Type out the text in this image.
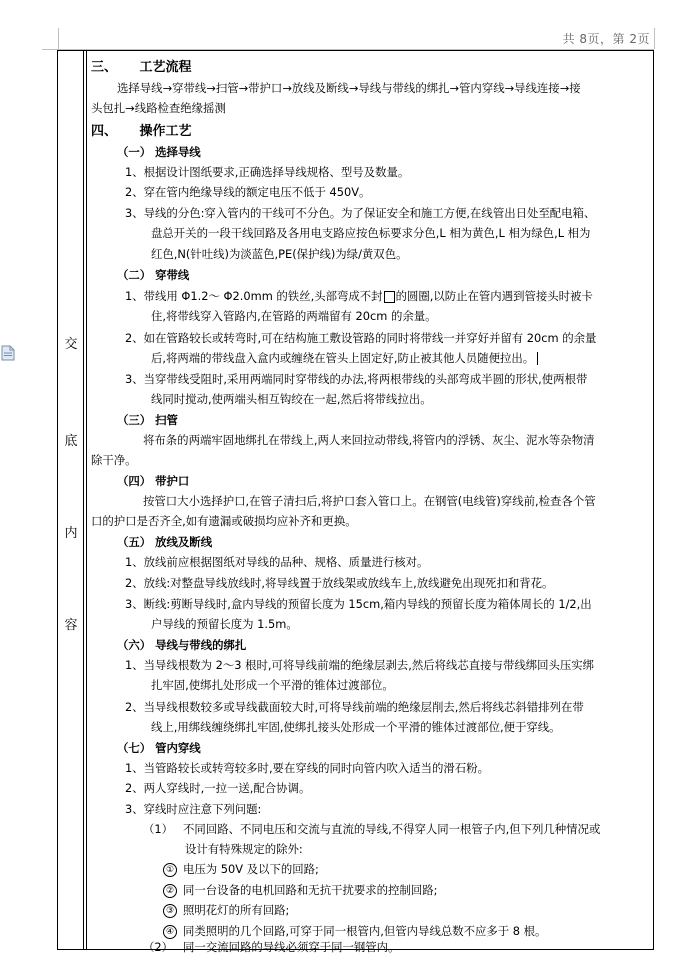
共 8页，第 2页
交
底
内
容
三、 工艺流程
选择导线→穿带线→扫管→带护口→放线及断线→导线与带线的绑扎→管内穿线→导线连接→接
头包扎→线路检查绝缘摇测
四、 操作工艺
（一） 选择导线
1、根据设计图纸要求,正确选择导线规格、型号及数量。
2、穿在管内绝缘导线的额定电压不低于 450V。
3、导线的分色:穿入管内的干线可不分色。为了保证安全和施工方便,在线管出日处至配电箱、
盘总开关的一段干线回路及各用电支路应按色标要求分色,L 相为黄色,L 相为绿色,L 相为
红色,N(针吐线)为淡蓝色,PE(保护线)为绿/黄双色。
（二） 穿带线
1、带线用 Φ1.2～ Φ2.0mm 的铁丝,头部弯成不封 的圆圈,以防止在管内遇到管接头时被卡
住,将带线穿入管路内,在管路的两端留有 20cm 的余量。
2、如在管路较长或转弯时,可在结构施工敷设管路的同时将带线一并穿好并留有 20cm 的余量
后,将两端的带线盘入盒内或缠绕在管头上固定好,防止被其他人员随便拉出。
3、当穿带线受阻时,采用两端同时穿带线的办法,将两根带线的头部弯成半圆的形状,使两根带
线同时搅动,使两端头相互钩绞在一起,然后将带线拉出。
（三） 扫管
将布条的两端牢固地绑扎在带线上,两人来回拉动带线,将管内的浮锈、灰尘、泥水等杂物清
除干净。
（四） 带护口
按管口大小选择护口,在管子清扫后,将护口套入管口上。在钢管(电线管)穿线前,检查各个管
口的护口是否齐全,如有遗漏或破损均应补齐和更换。
（五） 放线及断线
1、放线前应根据图纸对导线的品种、规格、质量进行核对。
2、放线:对整盘导线放线时,将导线置于放线架或放线车上,放线避免出现死扣和背花。
3、断线:剪断导线时,盒内导线的预留长度为 15cm,箱内导线的预留长度为箱体周长的 1/2,出
户导线的预留长度为 1.5m。
（六） 导线与带线的绑扎
1、当导线根数为 2～3 根时,可将导线前端的绝缘层剥去,然后将线芯直接与带线绑回头压实绑
扎牢固,使绑扎处形成一个平滑的锥体过渡部位。
2、当导线根数较多或导线截面较大时,可将导线前端的绝缘层削去,然后将线芯斜错排列在带
线上,用绑线缠绕绑扎牢固,使绑扎接头处形成一个平滑的锥体过渡部位,便于穿线。
（七） 管内穿线
1、当管路较长或转弯较多时,要在穿线的同时向管内吹入适当的滑石粉。
2、两人穿线时,一拉一送,配合协调。
3、穿线时应注意下列问题:
（1） 不同回路、不同电压和交流与直流的导线,不得穿人同一根管子内,但下列几种情况或
设计有特殊规定的除外:
① 电压为 50V 及以下的回路;
② 同一台设备的电机回路和无抗干扰要求的控制回路;
③ 照明花灯的所有回路;
④ 同类照明的几个回路,可穿于同一根管内,但管内导线总数不应多于 8 根。
（2） 同一交流回路的导线必须穿于同一钢管内。
